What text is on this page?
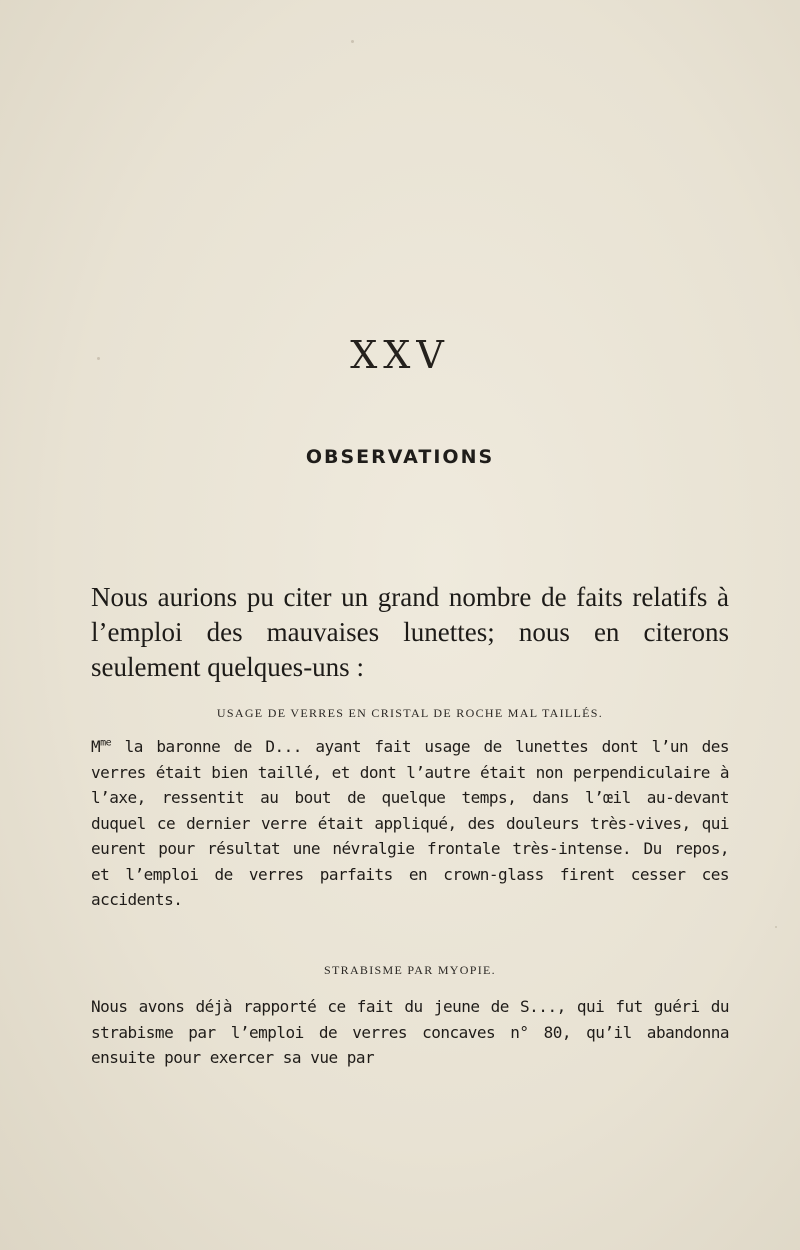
XXV
OBSERVATIONS

Nous aurions pu citer un grand nombre de faits relatifs à l’emploi des mauvaises lunettes; nous en citerons seulement quelques-uns :

USAGE DE VERRES EN CRISTAL DE ROCHE MAL TAILLÉS.

$M^{me}$ la baronne de D... ayant fait usage de lunettes dont l’un des verres était bien taillé, et dont l’autre était non perpendiculaire à l’axe, ressentit au bout de quelque temps, dans l’œil au-devant duquel ce dernier verre était appliqué, des douleurs très-vives, qui eurent pour résultat une névralgie frontale très-intense. Du repos, et l’emploi de verres parfaits en crown-glass firent cesser ces accidents.

STRABISME PAR MYOPIE.

Nous avons déjà rapporté ce fait du jeune de S..., qui fut guéri du strabisme par l’emploi de verres concaves n° 80, qu’il abandonna ensuite pour exercer sa vue par
